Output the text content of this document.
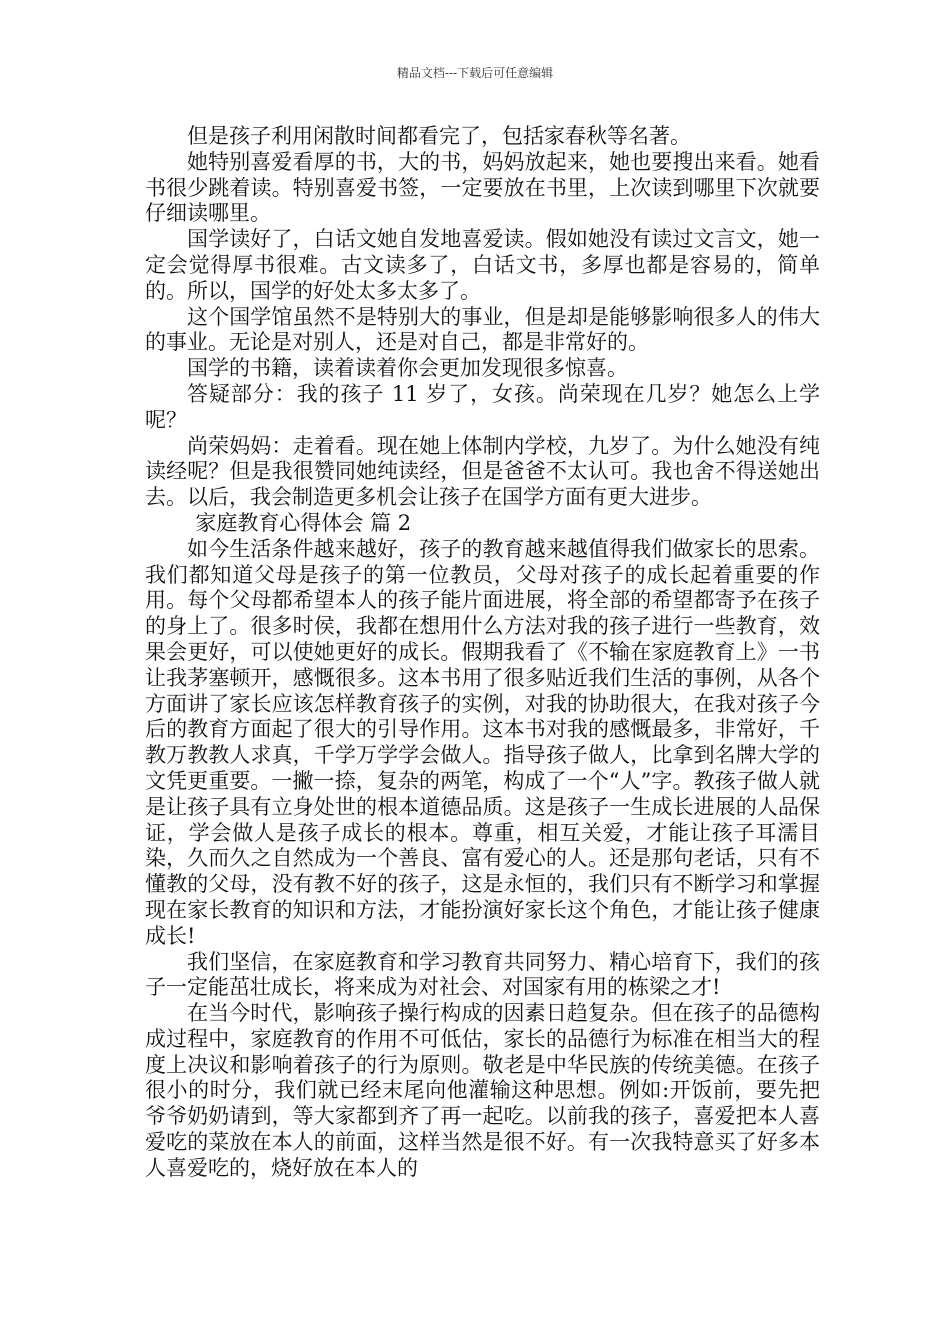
精品文档---下载后可任意编辑

但是孩子利用闲散时间都看完了，包括家春秋等名著。

她特别喜爱看厚的书，大的书，妈妈放起来，她也要搜出来看。她看书很少跳着读。特别喜爱书签，一定要放在书里，上次读到哪里下次就要仔细读哪里。

国学读好了，白话文她自发地喜爱读。假如她没有读过文言文，她一定会觉得厚书很难。古文读多了，白话文书，多厚也都是容易的，简单的。所以，国学的好处太多太多了。

这个国学馆虽然不是特别大的事业，但是却是能够影响很多人的伟大的事业。无论是对别人，还是对自己，都是非常好的。

国学的书籍，读着读着你会更加发现很多惊喜。

答疑部分：我的孩子 11 岁了，女孩。尚荣现在几岁？她怎么上学呢？

尚荣妈妈：走着看。现在她上体制内学校，九岁了。为什么她没有纯读经呢？但是我很赞同她纯读经，但是爸爸不太认可。我也舍不得送她出去。以后，我会制造更多机会让孩子在国学方面有更大进步。

家庭教育心得体会 篇 2

如今生活条件越来越好，孩子的教育越来越值得我们做家长的思索。我们都知道父母是孩子的第一位教员，父母对孩子的成长起着重要的作用。每个父母都希望本人的孩子能片面进展，将全部的希望都寄予在孩子的身上了。很多时侯，我都在想用什么方法对我的孩子进行一些教育，效果会更好，可以使她更好的成长。假期我看了《不输在家庭教育上》一书让我茅塞顿开，感慨很多。这本书用了很多贴近我们生活的事例，从各个方面讲了家长应该怎样教育孩子的实例，对我的协助很大，在我对孩子今后的教育方面起了很大的引导作用。这本书对我的感慨最多，非常好，千教万教教人求真，千学万学学会做人。指导孩子做人，比拿到名牌大学的文凭更重要。一撇一捺，复杂的两笔，构成了一个“人”字。教孩子做人就是让孩子具有立身处世的根本道德品质。这是孩子一生成长进展的人品保证，学会做人是孩子成长的根本。尊重，相互关爱，才能让孩子耳濡目染，久而久之自然成为一个善良、富有爱心的人。还是那句老话，只有不懂教的父母，没有教不好的孩子，这是永恒的，我们只有不断学习和掌握现在家长教育的知识和方法，才能扮演好家长这个角色，才能让孩子健康成长!

我们坚信，在家庭教育和学习教育共同努力、精心培育下，我们的孩子一定能茁壮成长，将来成为对社会、对国家有用的栋梁之才!

在当今时代，影响孩子操行构成的因素日趋复杂。但在孩子的品德构成过程中，家庭教育的作用不可低估，家长的品德行为标准在相当大的程度上决议和影响着孩子的行为原则。敬老是中华民族的传统美德。在孩子很小的时分，我们就已经末尾向他灌输这种思想。例如:开饭前，要先把爷爷奶奶请到，等大家都到齐了再一起吃。以前我的孩子，喜爱把本人喜爱吃的菜放在本人的前面，这样当然是很不好。有一次我特意买了好多本人喜爱吃的，烧好放在本人的
